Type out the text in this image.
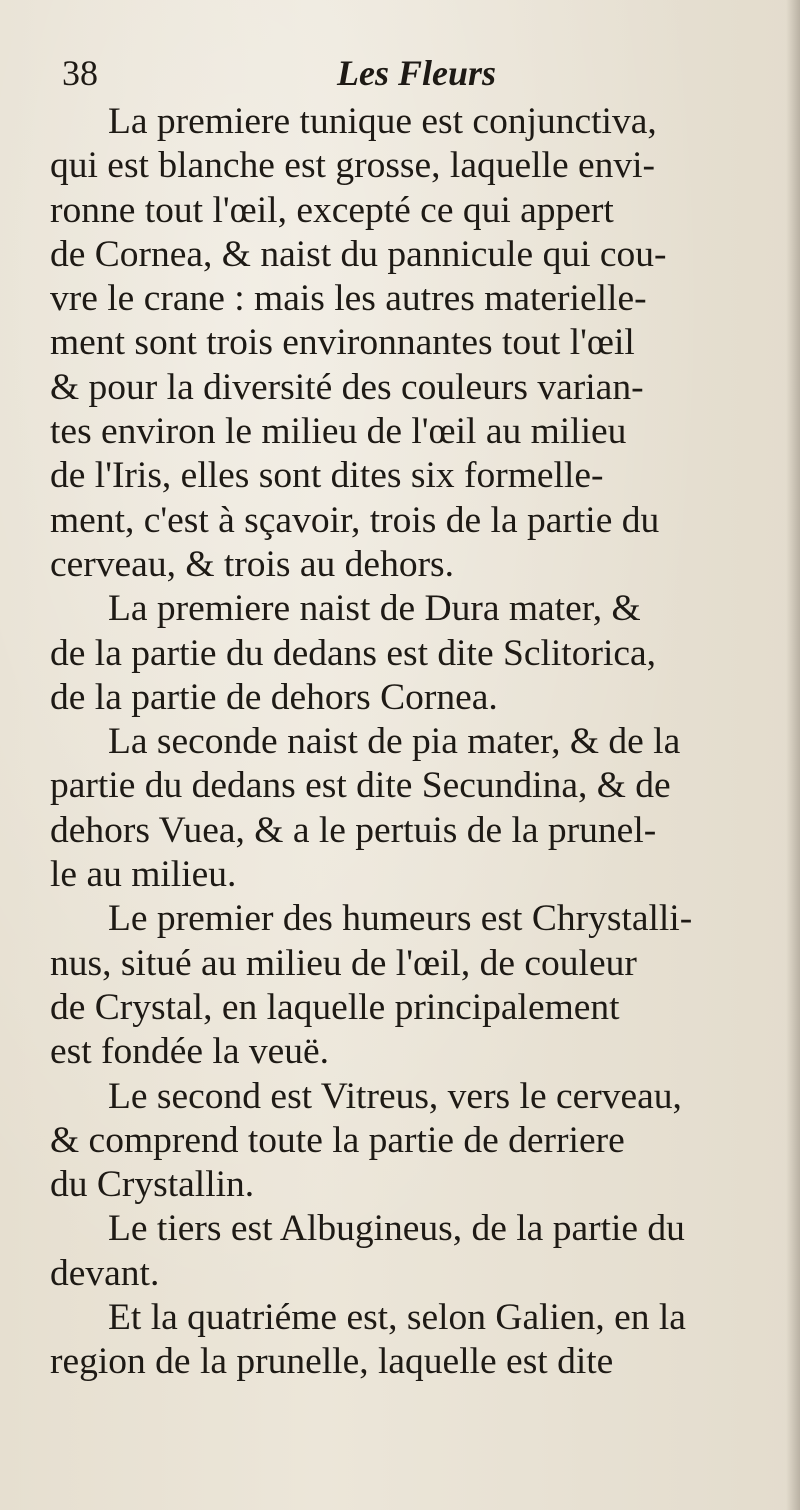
38	Les Fleurs
La premiere tunique est conjunctiva,
qui est blanche est grosse, laquelle envi-
ronne tout l'œil, excepté ce qui appert
de Cornea, & naist du pannicule qui cou-
vre le crane : mais les autres materielle-
ment sont trois environnantes tout l'œil
& pour la diversité des couleurs varian-
tes environ le milieu de l'œil au milieu
de l'Iris, elles sont dites six formelle-
ment, c'est à sçavoir, trois de la partie du
cerveau, & trois au dehors.
La premiere naist de Dura mater, &
de la partie du dedans est dite Sclitorica,
de la partie de dehors Cornea.
La seconde naist de pia mater, & de la
partie du dedans est dite Secundina, & de
dehors Vuea, & a le pertuis de la prunel-
le au milieu.
Le premier des humeurs est Chrystalli-
nus, situé au milieu de l'œil, de couleur
de Crystal, en laquelle principalement
est fondée la veuë.
Le second est Vitreus, vers le cerveau,
& comprend toute la partie de derriere
du Crystallin.
Le tiers est Albugineus, de la partie du
devant.
Et la quatriéme est, selon Galien, en la
region de la prunelle, laquelle est dite
